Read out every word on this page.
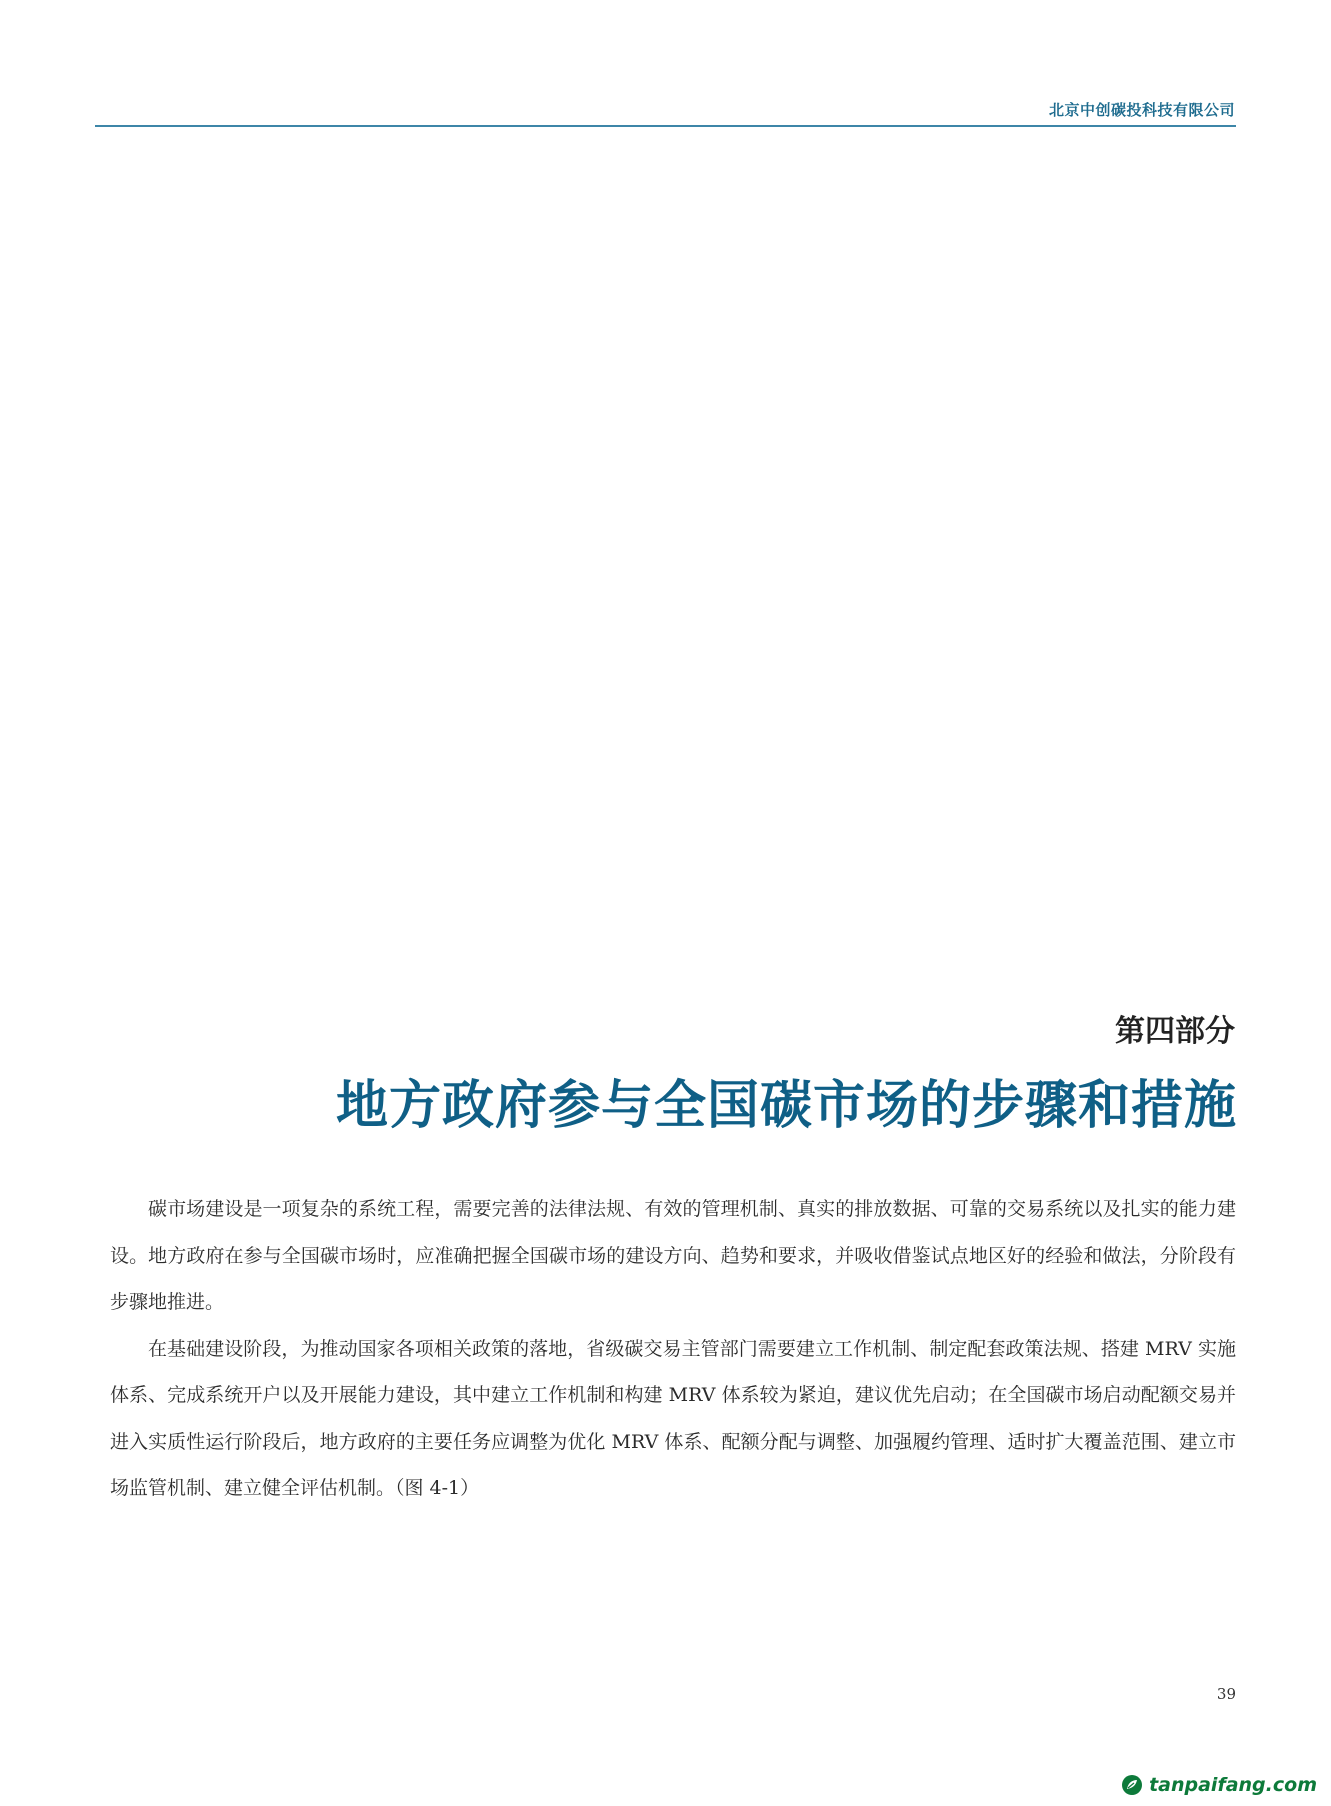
北京中创碳投科技有限公司
第四部分
地方政府参与全国碳市场的步骤和措施

碳市场建设是一项复杂的系统工程，需要完善的法律法规、有效的管理机制、真实的排放数据、可靠的交易系统以及扎实的能力建设。地方政府在参与全国碳市场时，应准确把握全国碳市场的建设方向、趋势和要求，并吸收借鉴试点地区好的经验和做法，分阶段有步骤地推进。

在基础建设阶段，为推动国家各项相关政策的落地，省级碳交易主管部门需要建立工作机制、制定配套政策法规、搭建 MRV 实施体系、完成系统开户以及开展能力建设，其中建立工作机制和构建 MRV 体系较为紧迫，建议优先启动；在全国碳市场启动配额交易并进入实质性运行阶段后，地方政府的主要任务应调整为优化 MRV 体系、配额分配与调整、加强履约管理、适时扩大覆盖范围、建立市场监管机制、建立健全评估机制。（图 4-1）

39
tanpaifang.com
